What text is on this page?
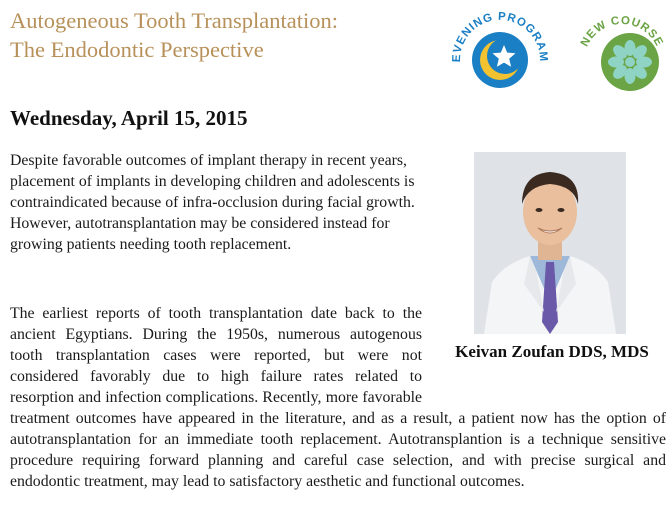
Autogeneous Tooth Transplantation:
The Endodontic Perspective	EVENING PROGRAM
NEW COURSE
Wednesday, April 15, 2015

Despite favorable outcomes of implant therapy in recent years, placement of implants in developing children and adolescents is contraindicated because of infra-occlusion during facial growth. However, autotransplantation may be considered instead for growing patients needing tooth replacement.

The earliest reports of tooth transplantation date back to the ancient Egyptians. During the 1950s, numerous autogenous tooth transplantation cases were reported, but were not considered favorably due to high failure rates related to resorption and infection complications. Recently, more favorable treatment outcomes have appeared in the literature, and as a result, a patient now has the option of autotransplantation for an immediate tooth replacement. Autotransplantion is a technique sensitive procedure requiring forward planning and careful case selection, and with precise surgical and endodontic treatment, may lead to satisfactory aesthetic and functional outcomes.
Keivan Zoufan DDS, MDS
